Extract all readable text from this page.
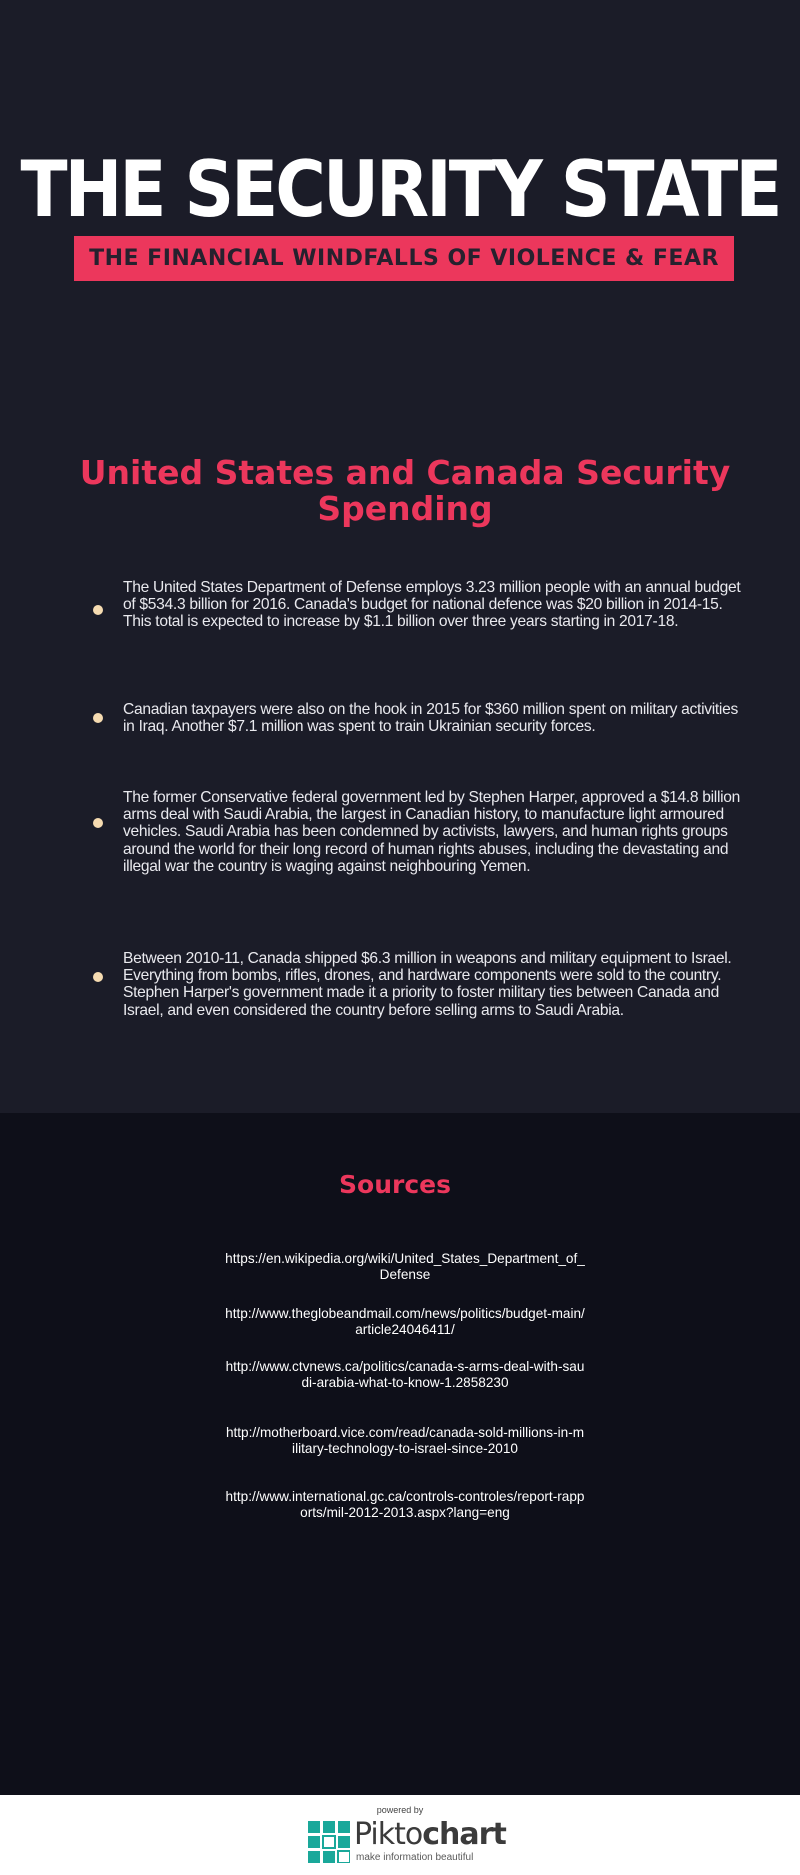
THE SECURITY STATE
THE FINANCIAL WINDFALLS OF VIOLENCE & FEAR
United States and Canada Security Spending

The United States Department of Defense employs 3.23 million people with an annual budget of $534.3 billion for 2016. Canada's budget for national defence was $20 billion in 2014-15. This total is expected to increase by $1.1 billion over three years starting in 2017-18.

Canadian taxpayers were also on the hook in 2015 for $360 million spent on military activities in Iraq. Another $7.1 million was spent to train Ukrainian security forces.

The former Conservative federal government led by Stephen Harper, approved a $14.8 billion arms deal with Saudi Arabia, the largest in Canadian history, to manufacture light armoured vehicles. Saudi Arabia has been condemned by activists, lawyers, and human rights groups around the world for their long record of human rights abuses, including the devastating and illegal war the country is waging against neighbouring Yemen.

Between 2010-11, Canada shipped $6.3 million in weapons and military equipment to Israel. Everything from bombs, rifles, drones, and hardware components were sold to the country. Stephen Harper's government made it a priority to foster military ties between Canada and Israel, and even considered the country before selling arms to Saudi Arabia.

Sources

https://en.wikipedia.org/wiki/United_States_Department_of_Defense

http://www.theglobeandmail.com/news/politics/budget-main/article24046411/

http://www.ctvnews.ca/politics/canada-s-arms-deal-with-saudi-arabia-what-to-know-1.2858230

http://motherboard.vice.com/read/canada-sold-millions-in-military-technology-to-israel-since-2010

http://www.international.gc.ca/controls-controles/report-rapports/mil-2012-2013.aspx?lang=eng

powered by
Piktochart
make information beautiful
